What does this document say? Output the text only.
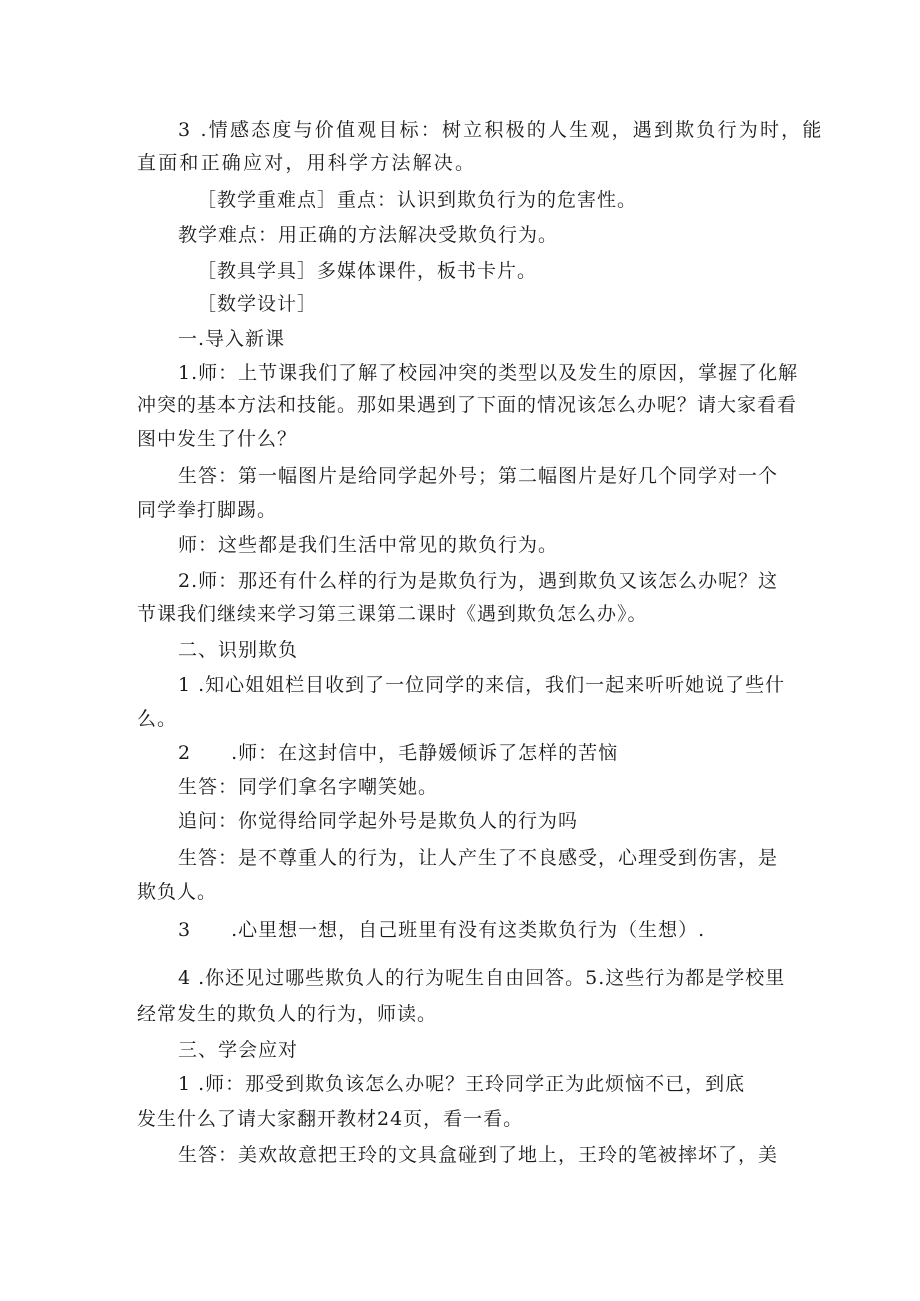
3 .情感态度与价值观目标：树立积极的人生观，遇到欺负行为时，能
直面和正确应对，用科学方法解决。
［教学重难点］重点：认识到欺负行为的危害性。
教学难点：用正确的方法解决受欺负行为。
［教具学具］多媒体课件，板书卡片。
［数学设计］
一.导入新课
1.师：上节课我们了解了校园冲突的类型以及发生的原因，掌握了化解
冲突的基本方法和技能。那如果遇到了下面的情况该怎么办呢？请大家看看
图中发生了什么？
生答：第一幅图片是给同学起外号；第二幅图片是好几个同学对一个
同学拳打脚踢。
师：这些都是我们生活中常见的欺负行为。
2.师：那还有什么样的行为是欺负行为，遇到欺负又该怎么办呢？这
节课我们继续来学习第三课第二课时《遇到欺负怎么办》。
二、识别欺负
1 .知心姐姐栏目收到了一位同学的来信，我们一起来听听她说了些什
么。
2　　.师：在这封信中，毛静媛倾诉了怎样的苦恼
生答：同学们拿名字嘲笑她。
追问：你觉得给同学起外号是欺负人的行为吗
生答：是不尊重人的行为，让人产生了不良感受，心理受到伤害，是
欺负人。
3　　.心里想一想，自己班里有没有这类欺负行为（生想）.
4 .你还见过哪些欺负人的行为呢生自由回答。5.这些行为都是学校里
经常发生的欺负人的行为，师读。
三、学会应对
1 .师：那受到欺负该怎么办呢？王玲同学正为此烦恼不已，到底
发生什么了请大家翻开教材24页，看一看。
生答：美欢故意把王玲的文具盒碰到了地上，王玲的笔被摔坏了，美
